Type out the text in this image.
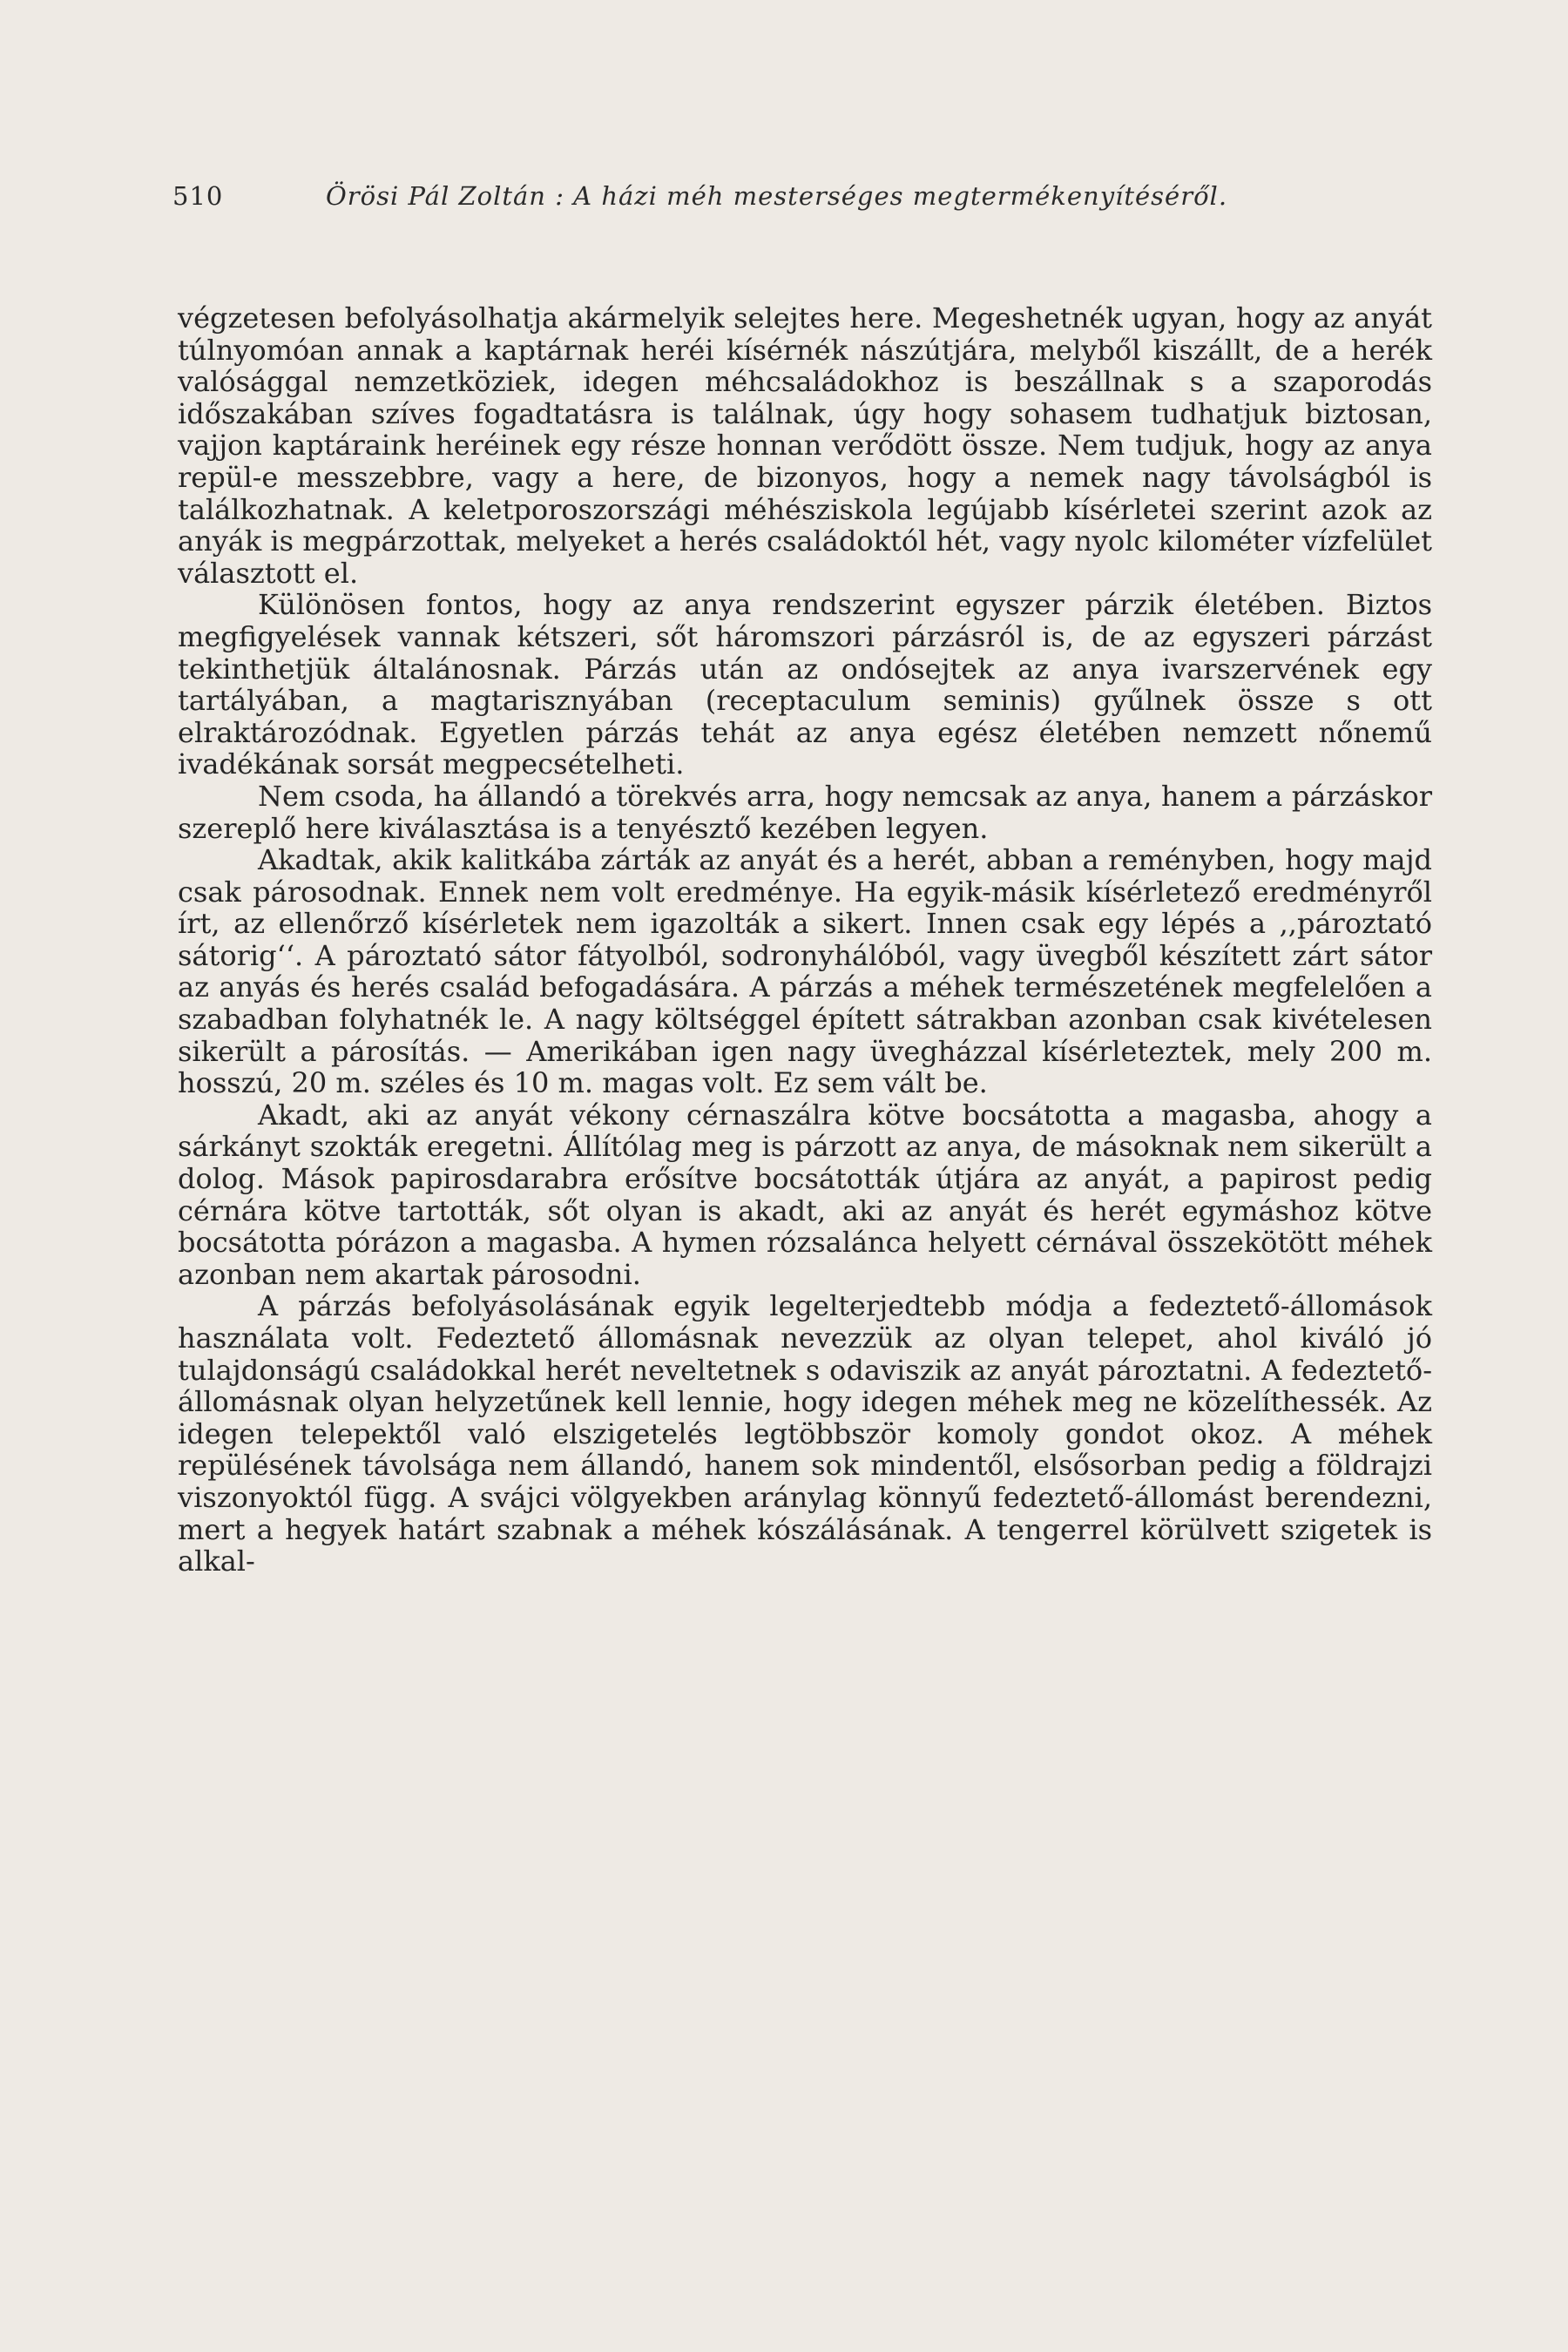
510	Örösi Pál Zoltán : A házi méh mesterséges megtermékenyítéséről.

végzetesen befolyásolhatja akármelyik selejtes here. Megeshetnék ugyan, hogy az anyát túlnyomóan annak a kaptárnak heréi kísérnék nászútjára, melyből kiszállt, de a herék valósággal nemzetköziek, idegen méhcsaládokhoz is beszállnak s a szaporodás időszakában szíves fogadtatásra is találnak, úgy hogy sohasem tudhatjuk biztosan, vajjon kaptáraink heréinek egy része honnan verődött össze. Nem tudjuk, hogy az anya repül-e messzebbre, vagy a here, de bizonyos, hogy a nemek nagy távolságból is találkozhatnak. A keletporoszországi méhésziskola legújabb kísérletei szerint azok az anyák is megpárzottak, melyeket a herés családoktól hét, vagy nyolc kilométer vízfelület választott el.

Különösen fontos, hogy az anya rendszerint egyszer párzik életében. Biztos megfigyelések vannak kétszeri, sőt háromszori párzásról is, de az egyszeri párzást tekinthetjük általánosnak. Párzás után az ondósejtek az anya ivarszervének egy tartályában, a magtarisznyában (receptaculum seminis) gyűlnek össze s ott elraktározódnak. Egyetlen párzás tehát az anya egész életében nemzett nőnemű ivadékának sorsát megpecsételheti.

Nem csoda, ha állandó a törekvés arra, hogy nemcsak az anya, hanem a párzáskor szereplő here kiválasztása is a tenyésztő kezében legyen.

Akadtak, akik kalitkába zárták az anyát és a herét, abban a reményben, hogy majd csak párosodnak. Ennek nem volt eredménye. Ha egyik-másik kísérletező eredményről írt, az ellenőrző kísérletek nem igazolták a sikert. Innen csak egy lépés a ,,pároztató sátorig‘‘. A pároztató sátor fátyolból, sodronyhálóból, vagy üvegből készített zárt sátor az anyás és herés család befogadására. A párzás a méhek természetének megfelelően a szabadban folyhatnék le. A nagy költséggel épített sátrakban azonban csak kivételesen sikerült a párosítás. — Amerikában igen nagy üvegházzal kísérleteztek, mely 200 m. hosszú, 20 m. széles és 10 m. magas volt. Ez sem vált be.

Akadt, aki az anyát vékony cérnaszálra kötve bocsátotta a magasba, ahogy a sárkányt szokták eregetni. Állítólag meg is párzott az anya, de másoknak nem sikerült a dolog. Mások papirosdarabra erősítve bocsátották útjára az anyát, a papirost pedig cérnára kötve tartották, sőt olyan is akadt, aki az anyát és herét egymáshoz kötve bocsátotta pórázon a magasba. A hymen rózsaláncа helyett cérnával összekötött méhek azonban nem akartak párosodni.

A párzás befolyásolásának egyik legelterjedtebb módja a fedeztető-állomások használata volt. Fedeztető állomásnak nevezzük az olyan telepet, ahol kiváló jó tulajdonságú családokkal herét neveltetnek s odaviszik az anyát pároztatni. A fedeztető-állomásnak olyan helyzetűnek kell lennie, hogy idegen méhek meg ne közelíthessék. Az idegen telepektől való elszigetelés legtöbbször komoly gondot okoz. A méhek repülésének távolsága nem állandó, hanem sok mindentől, elsősorban pedig a földrajzi viszonyoktól függ. A svájci völgyekben aránylag könnyű fedeztető-állomást berendezni, mert a hegyek határt szabnak a méhek kószálásának. A tengerrel körülvett szigetek is alkal-
